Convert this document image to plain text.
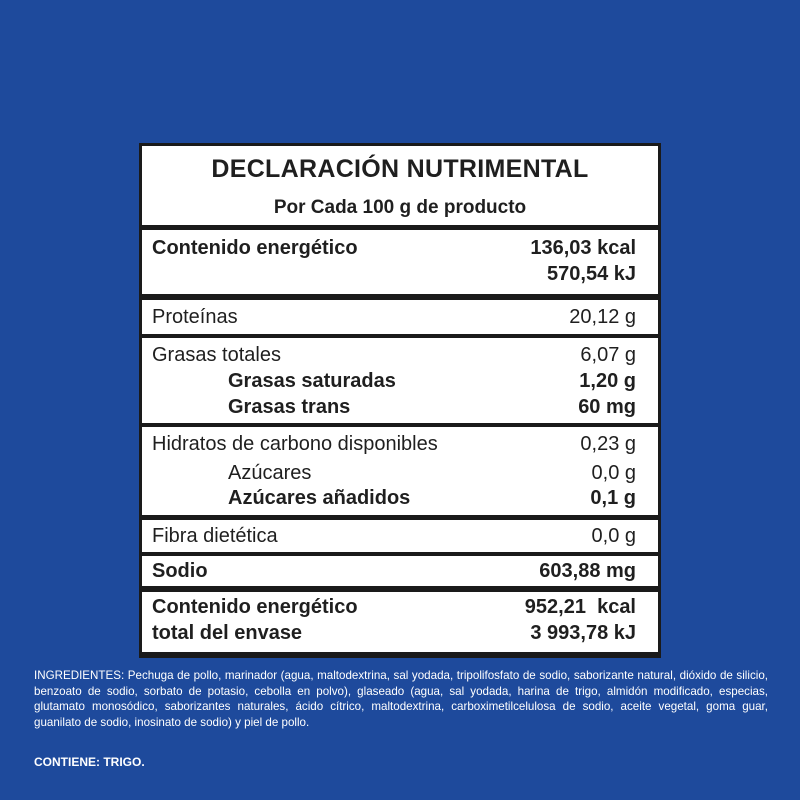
DECLARACIÓN NUTRIMENTAL
Por Cada 100 g de producto
Contenido energético	136,03 kcal
570,54 kJ
Proteínas	20,12 g
Grasas totales	6,07 g
Grasas saturadas	1,20 g
Grasas trans	60 mg
Hidratos de carbono disponibles	0,23 g
Azúcares	0,0 g
Azúcares añadidos	0,1 g
Fibra dietética	0,0 g
Sodio	603,88 mg
Contenido energético	952,21  kcal
total del envase	3 993,78 kJ
INGREDIENTES: Pechuga de pollo, marinador (agua, maltodextrina, sal yodada, tripolifosfato de sodio, saborizante natural, dióxido de silicio, benzoato de sodio, sorbato de potasio, cebolla en polvo), glaseado (agua, sal yodada, harina de trigo, almidón modificado, especias, glutamato monosódico, saborizantes naturales, ácido cítrico, maltodextrina, carboximetilcelulosa de sodio, aceite vegetal, goma guar, guanilato de sodio, inosinato de sodio) y piel de pollo.
CONTIENE: TRIGO.
